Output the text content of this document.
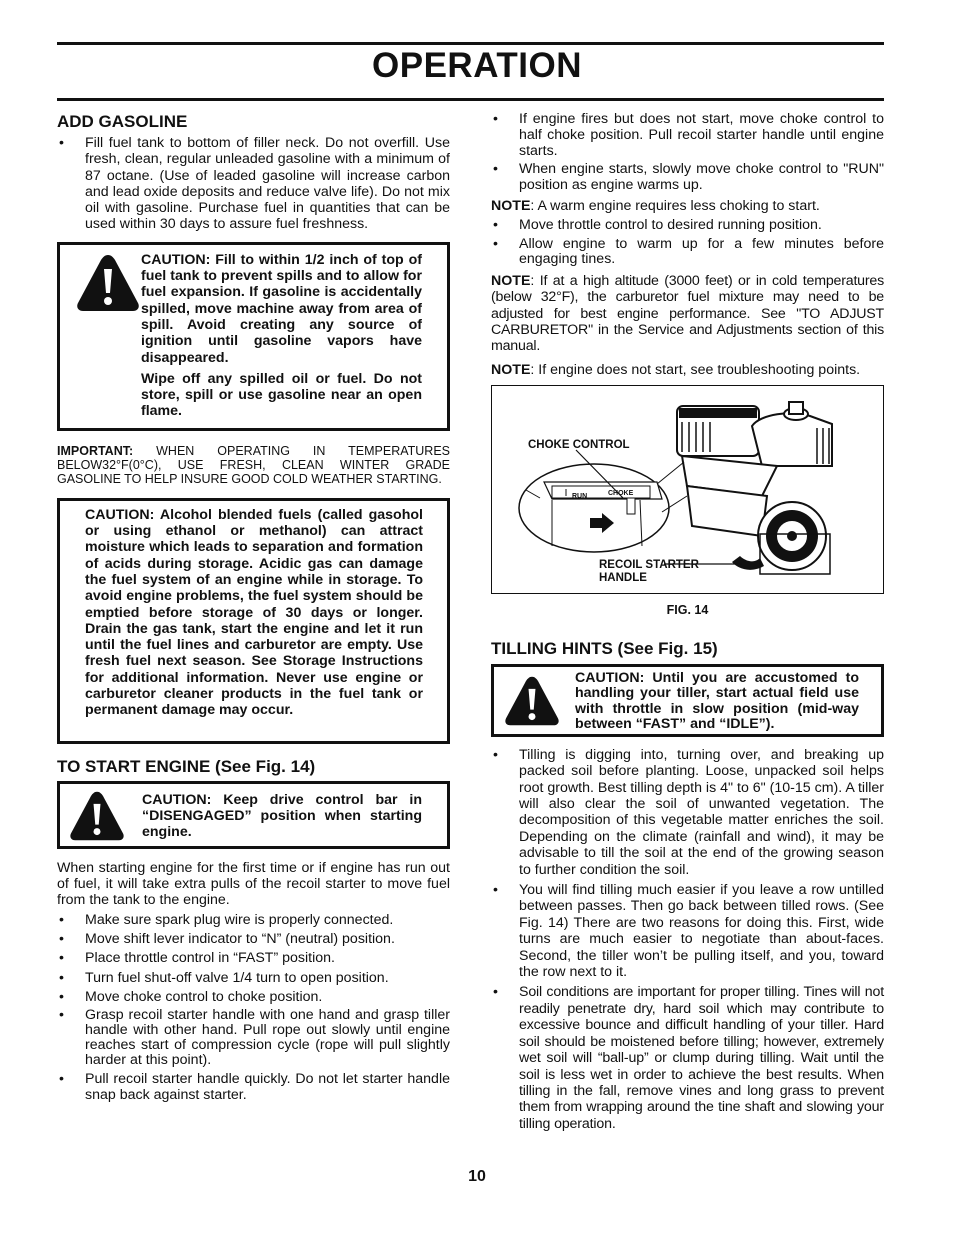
OPERATION
ADD GASOLINE
• Fill fuel tank to bottom of filler neck. Do not overfill. Use fresh, clean, regular unleaded gasoline with a minimum of 87 octane. (Use of leaded gasoline will increase carbon and lead oxide deposits and reduce valve life). Do not mix oil with gasoline. Purchase fuel in quantities that can be used within 30 days to assure fuel freshness.

CAUTION: Fill to within 1/2 inch of top of fuel tank to prevent spills and to allow for fuel expansion. If gasoline is accidentally spilled, move machine away from area of spill. Avoid creating any source of ignition until gasoline vapors have disappeared.

Wipe off any spilled oil or fuel. Do not store, spill or use gasoline near an open flame.

IMPORTANT: WHEN OPERATING IN TEMPERATURES BELOW32°F(0°C), USE FRESH, CLEAN WINTER GRADE GASOLINE TO HELP INSURE GOOD COLD WEATHER STARTING.

CAUTION: Alcohol blended fuels (called gasohol or using ethanol or methanol) can attract moisture which leads to separation and formation of acids during storage. Acidic gas can damage the fuel system of an engine while in storage. To avoid engine problems, the fuel system should be emptied before storage of 30 days or longer. Drain the gas tank, start the engine and let it run until the fuel lines and carburetor are empty. Use fresh fuel next season. See Storage Instructions for additional information. Never use engine or carburetor cleaner products in the fuel tank or permanent damage may occur.

TO START ENGINE (See Fig. 14)

CAUTION: Keep drive control bar in “DISENGAGED” position when starting engine.

When starting engine for the first time or if engine has run out of fuel, it will take extra pulls of the recoil starter to move fuel from the tank to the engine.

• Make sure spark plug wire is properly connected.
• Move shift lever indicator to “N” (neutral) position.
• Place throttle control in “FAST” position.
• Turn fuel shut-off valve 1/4 turn to open position.
• Move choke control to choke position.
• Grasp recoil starter handle with one hand and grasp tiller handle with other hand. Pull rope out slowly until engine reaches start of compression cycle (rope will pull slightly harder at this point).
• Pull recoil starter handle quickly. Do not let starter handle snap back against starter.
• If engine fires but does not start, move choke control to half choke position. Pull recoil starter handle until engine starts.
• When engine starts, slowly move choke control to "RUN" position as engine warms up.

NOTE: A warm engine requires less choking to start.

• Move throttle control to desired running position.
• Allow engine to warm up for a few minutes before engaging tines.

NOTE: If at a high altitude (3000 feet) or in cold temperatures (below 32°F), the carburetor fuel mixture may need to be adjusted for best engine performance. See "TO ADJUST CARBURETOR" in the Service and Adjustments section of this manual.

NOTE: If engine does not start, see troubleshooting points.

CHOKE CONTROL
RUN	CHOKE
RECOIL STARTER
HANDLE
FIG. 14
TILLING HINTS (See Fig. 15)

CAUTION: Until you are accustomed to handling your tiller, start actual field use with throttle in slow position (mid-way between “FAST” and “IDLE”).

• Tilling is digging into, turning over, and breaking up packed soil before planting. Loose, unpacked soil helps root growth. Best tilling depth is 4" to 6" (10-15 cm). A tiller will also clear the soil of unwanted vegetation. The decomposition of this vegetable matter enriches the soil. Depending on the climate (rainfall and wind), it may be advisable to till the soil at the end of the growing season to further condition the soil.
• You will find tilling much easier if you leave a row untilled between passes. Then go back between tilled rows. (See Fig. 14) There are two reasons for doing this. First, wide turns are much easier to negotiate than about-faces. Second, the tiller won’t be pulling itself, and you, toward the row next to it.
• Soil conditions are important for proper tilling. Tines will not readily penetrate dry, hard soil which may contribute to excessive bounce and difficult handling of your tiller. Hard soil should be moistened before tilling; however, extremely wet soil will “ball-up” or clump during tilling. Wait until the soil is less wet in order to achieve the best results. When tilling in the fall, remove vines and long grass to prevent them from wrapping around the tine shaft and slowing your tilling operation.
10
